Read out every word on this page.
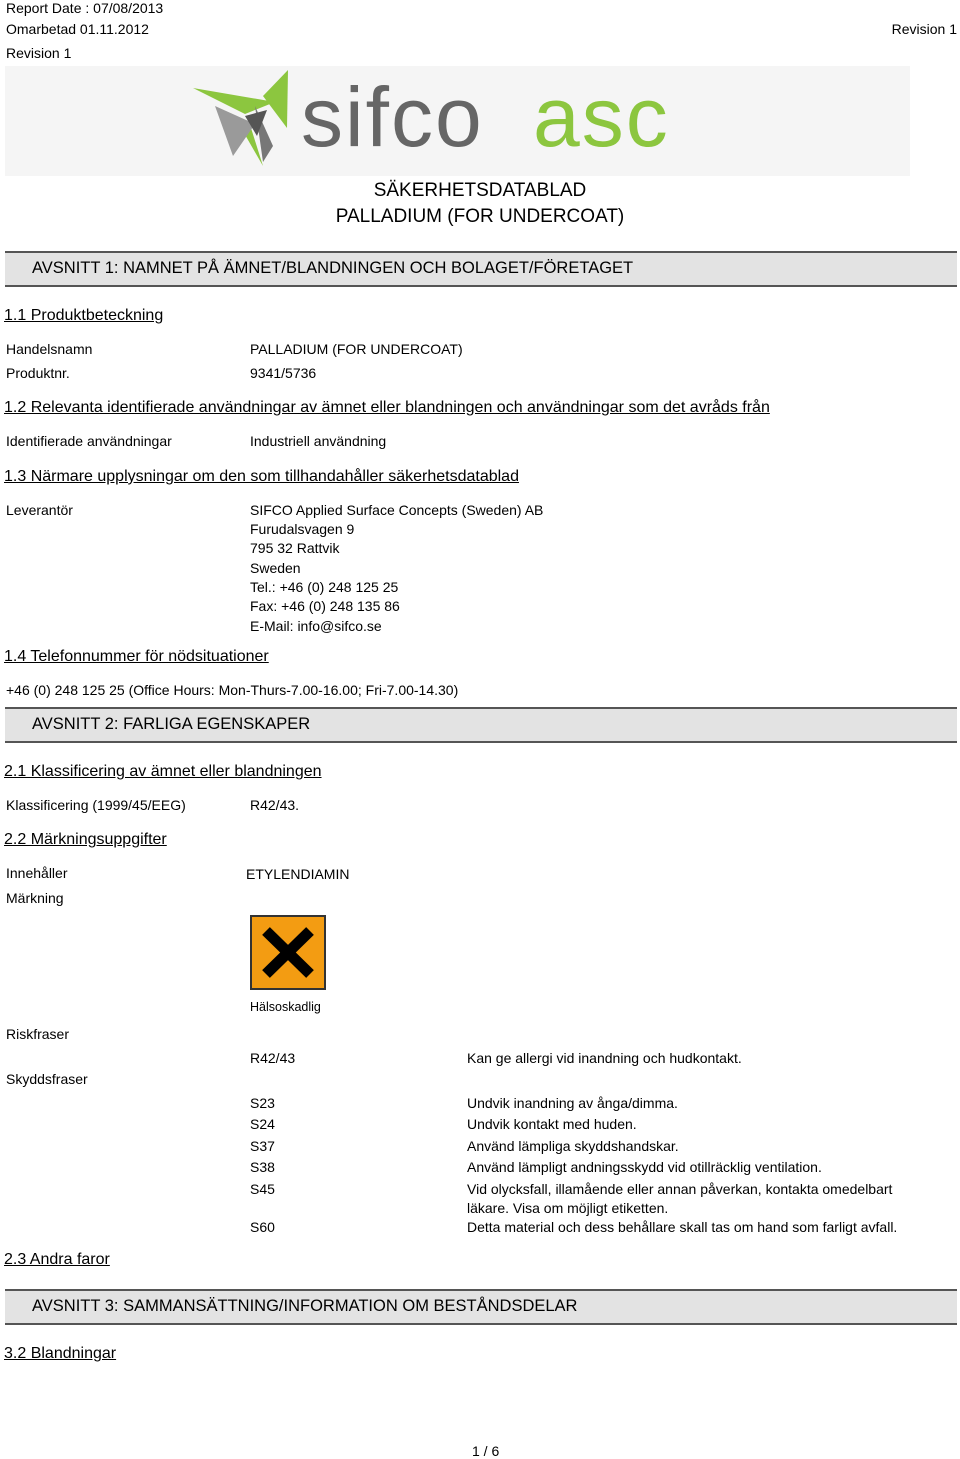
Report Date : 07/08/2013
Omarbetad 01.11.2012
Revision 1
Revision 1
sifco asc
SÄKERHETSDATABLAD
PALLADIUM (FOR UNDERCOAT)
AVSNITT 1: NAMNET PÅ ÄMNET/BLANDNINGEN OCH BOLAGET/FÖRETAGET
1.1 Produktbeteckning
Handelsnamn	PALLADIUM (FOR UNDERCOAT)
Produktnr.	9341/5736
1.2 Relevanta identifierade användningar av ämnet eller blandningen och användningar som det avråds från
Identifierade användningar	Industriell användning
1.3 Närmare upplysningar om den som tillhandahåller säkerhetsdatablad
Leverantör	SIFCO Applied Surface Concepts (Sweden) AB
Furudalsvagen 9
795 32 Rattvik
Sweden
Tel.: +46 (0) 248 125 25
Fax: +46 (0) 248 135 86
E-Mail: info@sifco.se
1.4 Telefonnummer för nödsituationer
+46 (0) 248 125 25 (Office Hours: Mon-Thurs-7.00-16.00; Fri-7.00-14.30)
AVSNITT 2: FARLIGA EGENSKAPER
2.1 Klassificering av ämnet eller blandningen
Klassificering (1999/45/EEG)	R42/43.
2.2 Märkningsuppgifter
Innehåller	ETYLENDIAMIN
Märkning
Hälsoskadlig
Riskfraser
R42/43	Kan ge allergi vid inandning och hudkontakt.
Skyddsfraser
S23	Undvik inandning av ånga/dimma.
S24	Undvik kontakt med huden.
S37	Använd lämpliga skyddshandskar.
S38	Använd lämpligt andningsskydd vid otillräcklig ventilation.
S45	Vid olycksfall, illamående eller annan påverkan, kontakta omedelbart
läkare. Visa om möjligt etiketten.
S60	Detta material och dess behållare skall tas om hand som farligt avfall.
2.3 Andra faror
AVSNITT 3: SAMMANSÄTTNING/INFORMATION OM BESTÅNDSDELAR
3.2 Blandningar
1 / 6
